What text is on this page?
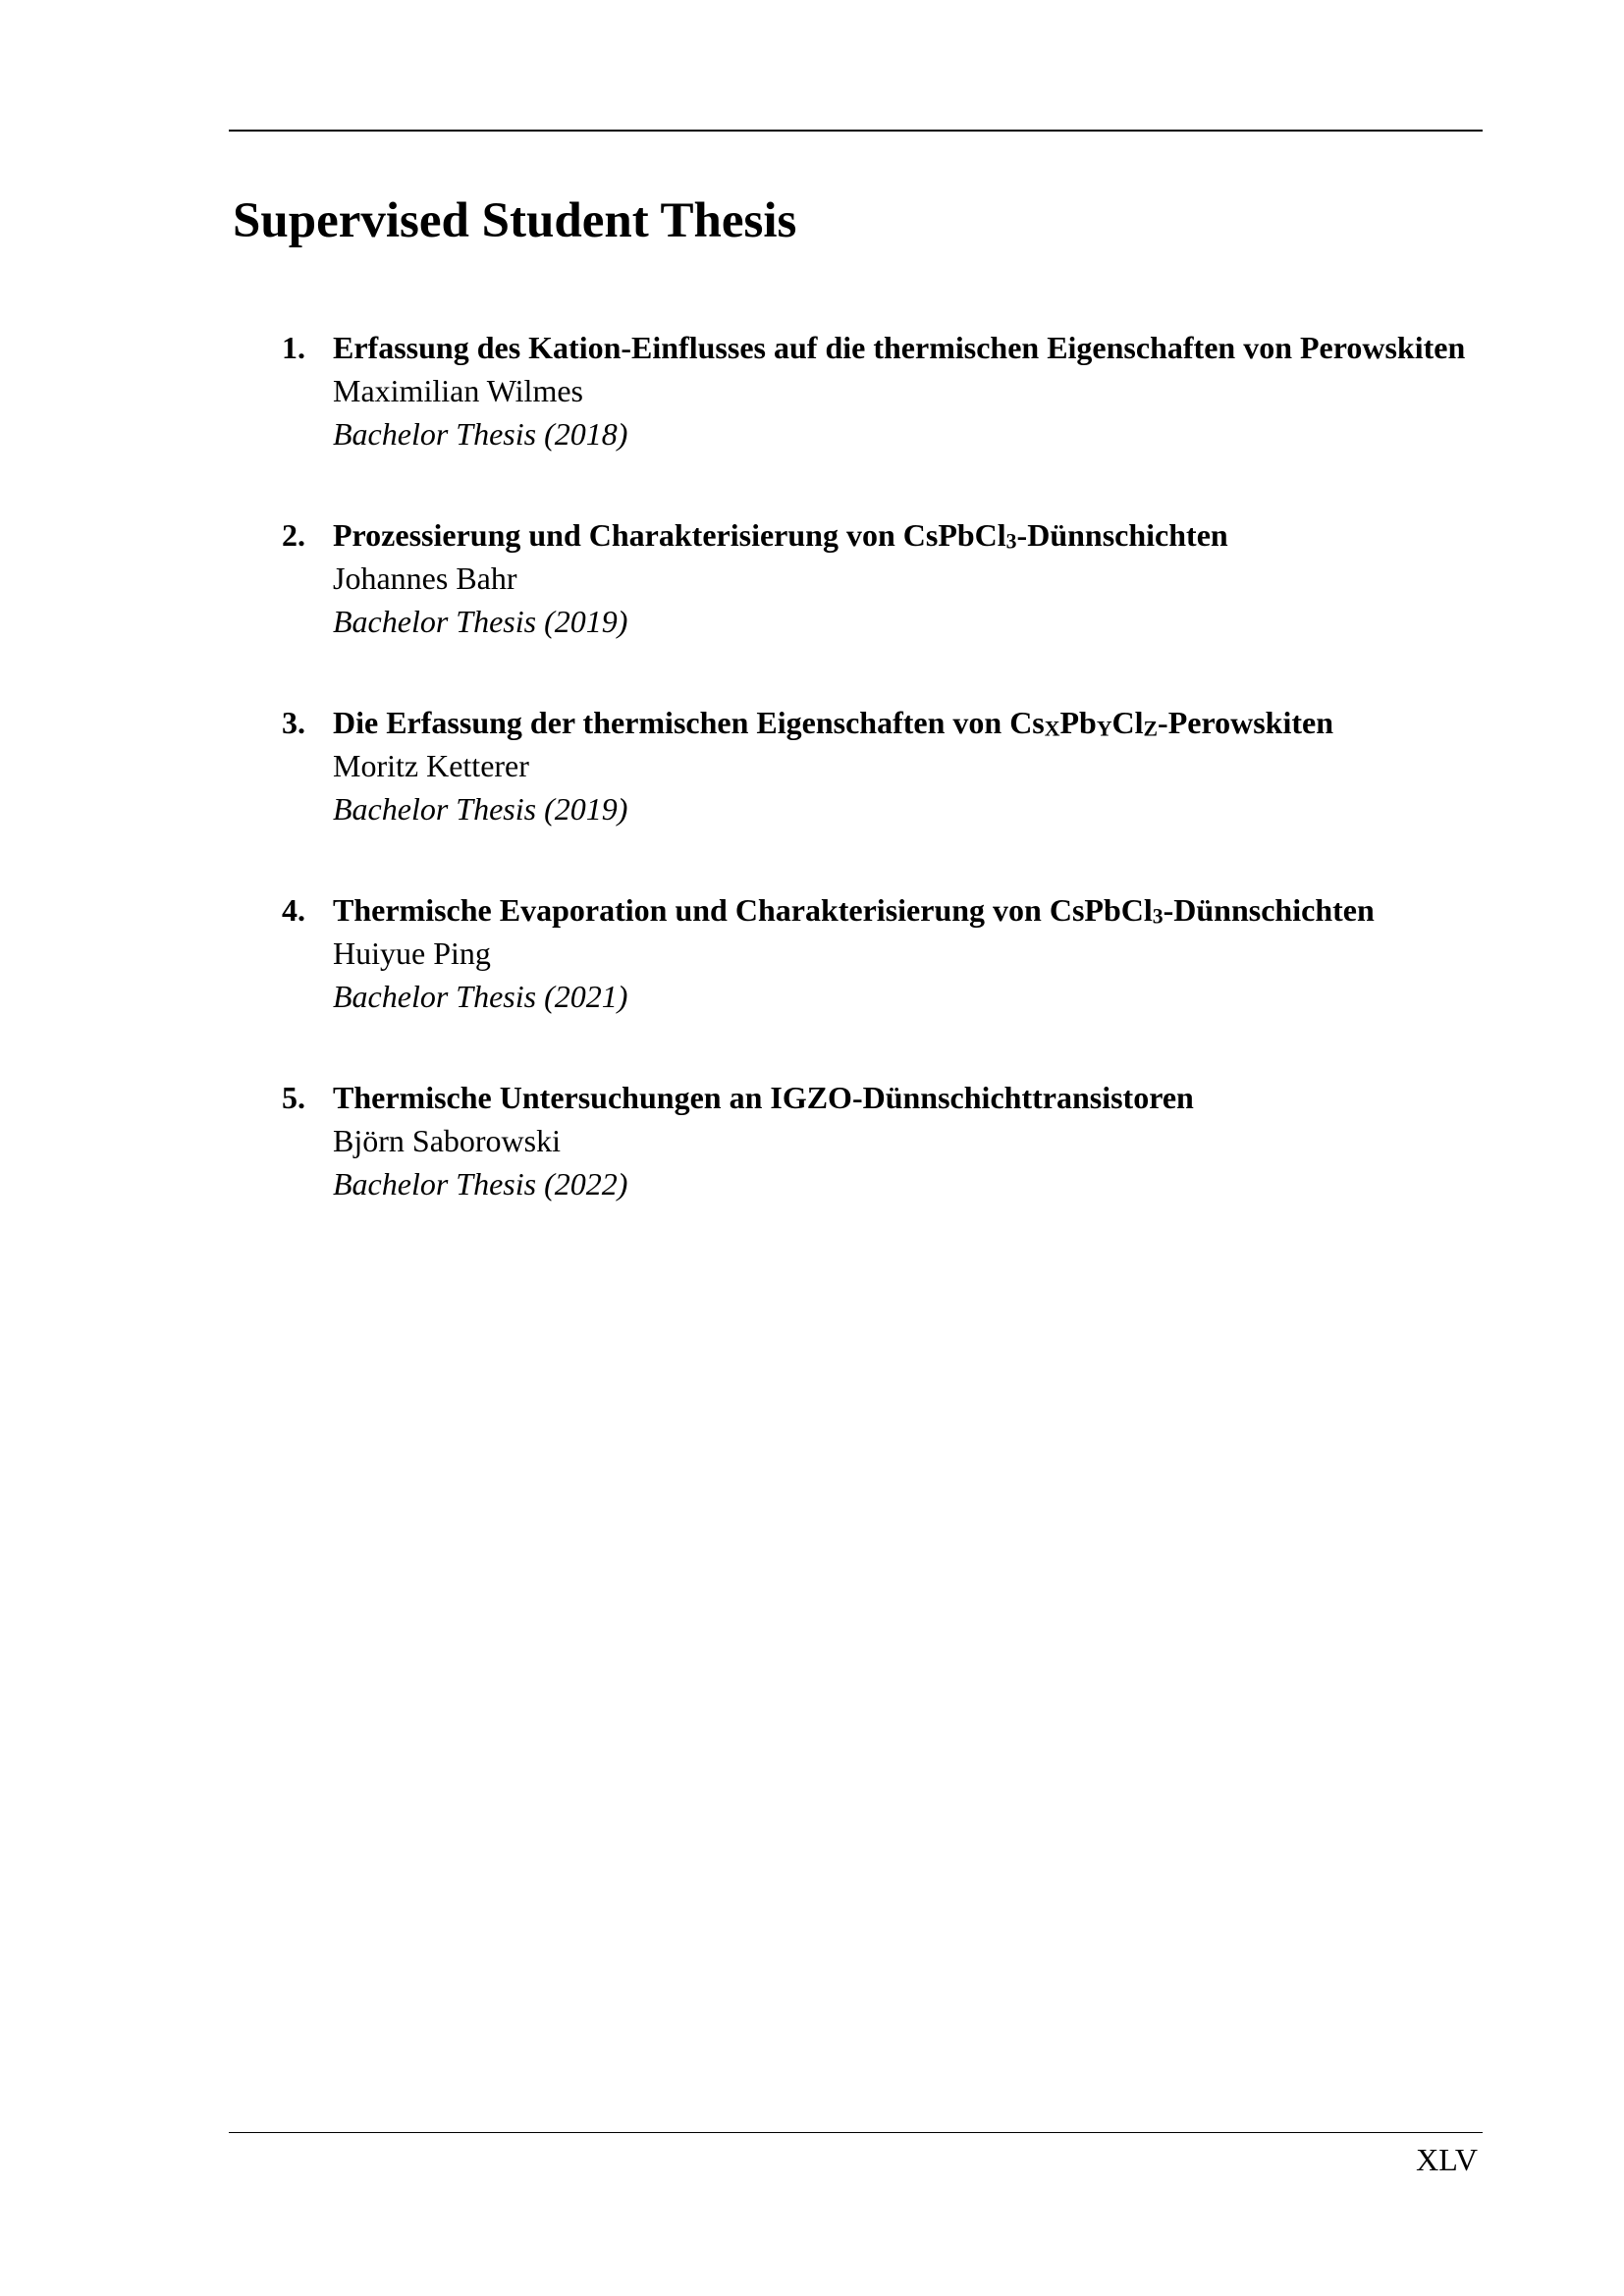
Supervised Student Thesis
1. Erfassung des Kation-Einflusses auf die thermischen Eigenschaften von Perowskiten
Maximilian Wilmes
Bachelor Thesis (2018)
2. Prozessierung und Charakterisierung von CsPbCl$_3$-Dünnschichten
Johannes Bahr
Bachelor Thesis (2019)
3. Die Erfassung der thermischen Eigenschaften von $Cs_XPb_YCl_Z$-Perowskiten
Moritz Ketterer
Bachelor Thesis (2019)
4. Thermische Evaporation und Charakterisierung von CsPbCl$_3$-Dünnschichten
Huiyue Ping
Bachelor Thesis (2021)
5. Thermische Untersuchungen an IGZO-Dünnschichttransistoren
Björn Saborowski
Bachelor Thesis (2022)
XLV
